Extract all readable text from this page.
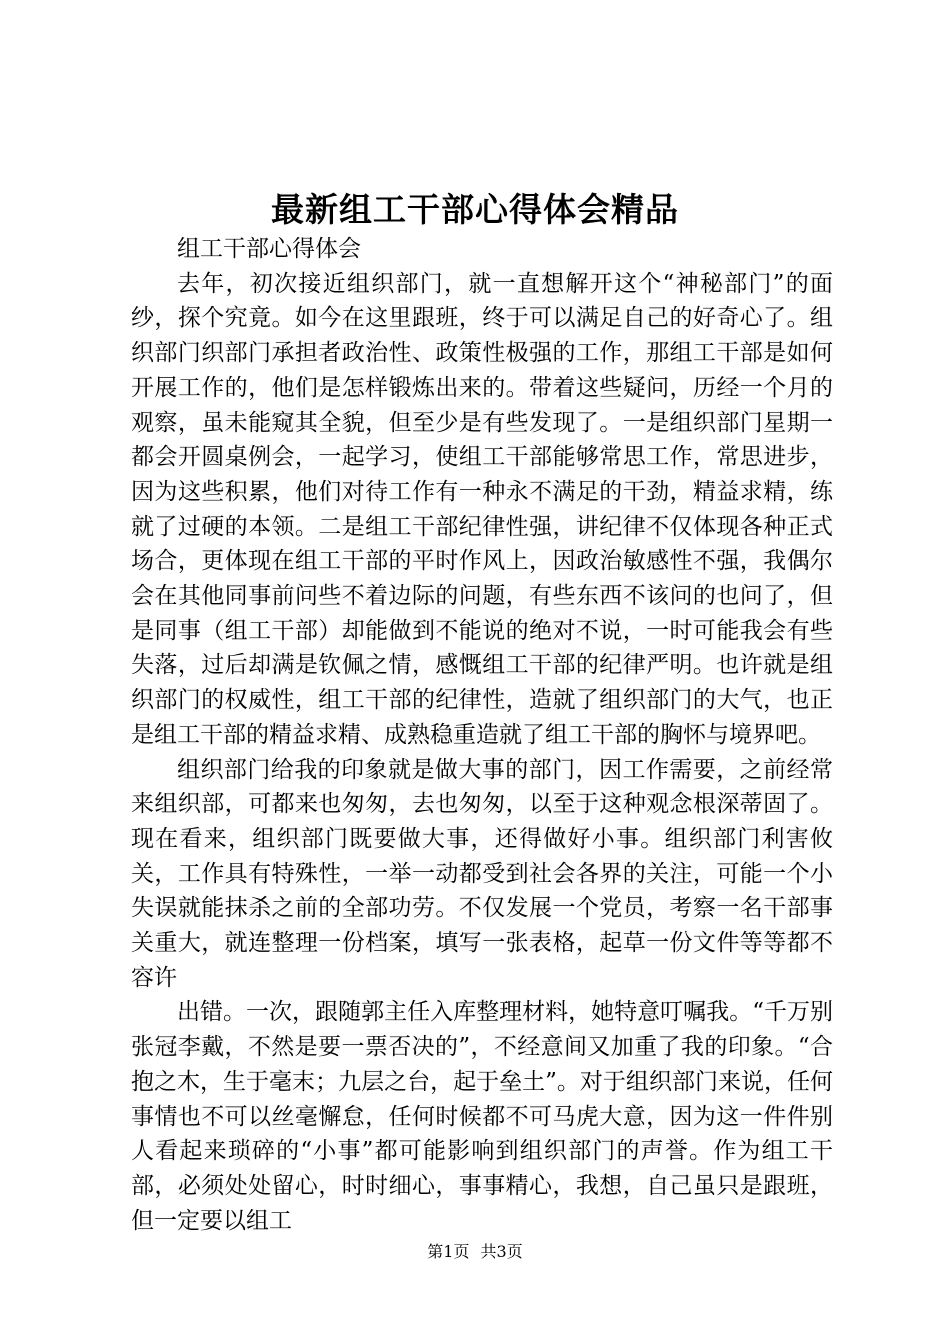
最新组工干部心得体会精品

组工干部心得体会

去年，初次接近组织部门，就一直想解开这个“神秘部门”的面纱，探个究竟。如今在这里跟班，终于可以满足自己的好奇心了。组织部门织部门承担者政治性、政策性极强的工作，那组工干部是如何开展工作的，他们是怎样锻炼出来的。带着这些疑问，历经一个月的观察，虽未能窥其全貌，但至少是有些发现了。一是组织部门星期一都会开圆桌例会，一起学习，使组工干部能够常思工作，常思进步，因为这些积累，他们对待工作有一种永不满足的干劲，精益求精，练就了过硬的本领。二是组工干部纪律性强，讲纪律不仅体现各种正式场合，更体现在组工干部的平时作风上，因政治敏感性不强，我偶尔会在其他同事前问些不着边际的问题，有些东西不该问的也问了，但是同事（组工干部）却能做到不能说的绝对不说，一时可能我会有些失落，过后却满是钦佩之情，感慨组工干部的纪律严明。也许就是组织部门的权威性，组工干部的纪律性，造就了组织部门的大气，也正是组工干部的精益求精、成熟稳重造就了组工干部的胸怀与境界吧。

组织部门给我的印象就是做大事的部门，因工作需要，之前经常来组织部，可都来也匆匆，去也匆匆，以至于这种观念根深蒂固了。现在看来，组织部门既要做大事，还得做好小事。组织部门利害攸关，工作具有特殊性，一举一动都受到社会各界的关注，可能一个小失误就能抹杀之前的全部功劳。不仅发展一个党员，考察一名干部事关重大，就连整理一份档案，填写一张表格，起草一份文件等等都不容许

出错。一次，跟随郭主任入库整理材料，她特意叮嘱我。“千万别张冠李戴，不然是要一票否决的”，不经意间又加重了我的印象。“合抱之木，生于毫末；九层之台，起于垒土”。对于组织部门来说，任何事情也不可以丝毫懈怠，任何时候都不可马虎大意，因为这一件件别人看起来琐碎的“小事”都可能影响到组织部门的声誉。作为组工干部，必须处处留心，时时细心，事事精心，我想，自己虽只是跟班，但一定要以组工

第1页 共3页
